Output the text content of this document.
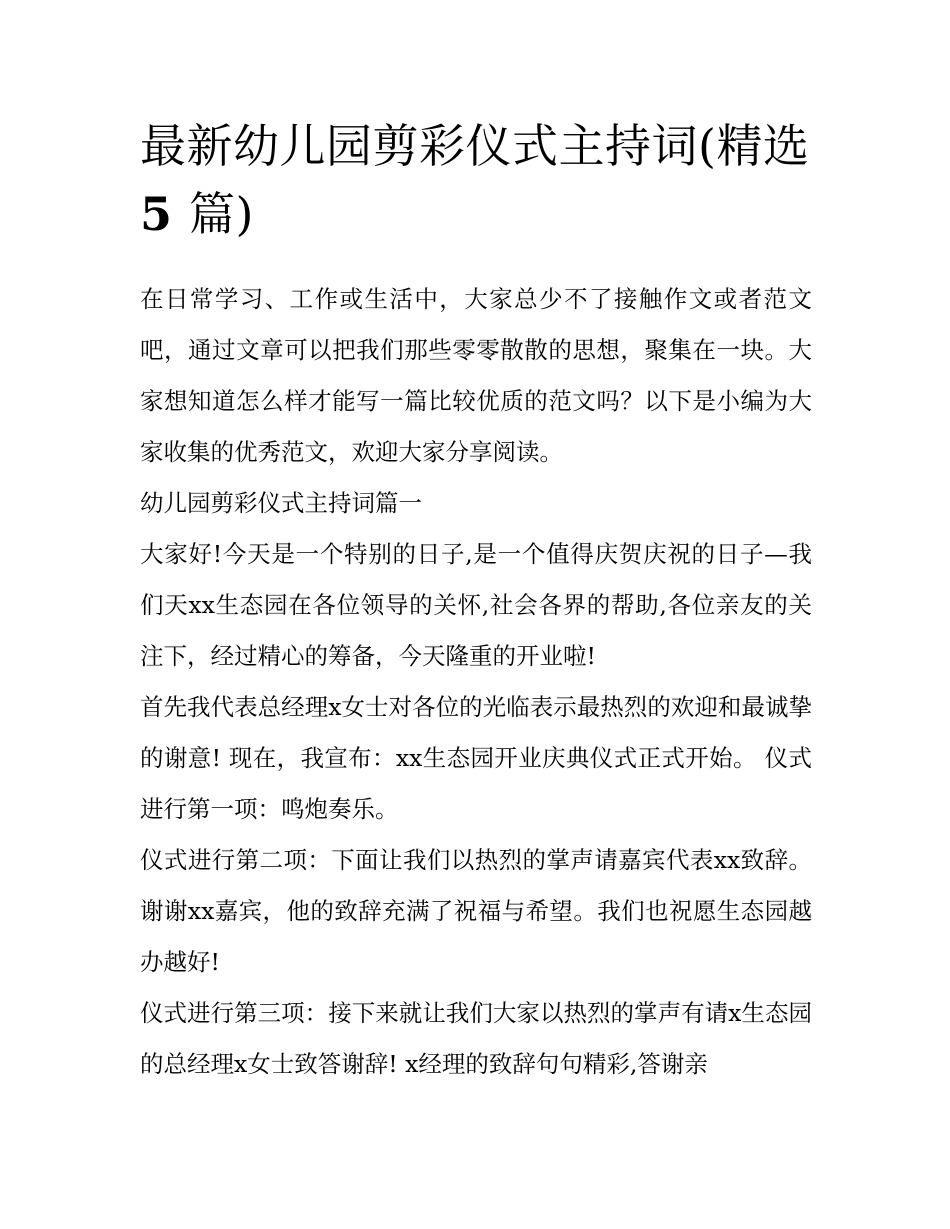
最新幼儿园剪彩仪式主持词(精选 5 篇)

在日常学习、工作或生活中，大家总少不了接触作文或者范文吧，通过文章可以把我们那些零零散散的思想，聚集在一块。大家想知道怎么样才能写一篇比较优质的范文吗？以下是小编为大家收集的优秀范文，欢迎大家分享阅读。

幼儿园剪彩仪式主持词篇一

大家好!今天是一个特别的日子,是一个值得庆贺庆祝的日子—我们天xx生态园在各位领导的关怀,社会各界的帮助,各位亲友的关注下，经过精心的筹备，今天隆重的开业啦!

首先我代表总经理x女士对各位的光临表示最热烈的欢迎和最诚挚的谢意! 现在，我宣布：xx生态园开业庆典仪式正式开始。 仪式进行第一项：鸣炮奏乐。

仪式进行第二项：下面让我们以热烈的掌声请嘉宾代表xx致辞。 谢谢xx嘉宾，他的致辞充满了祝福与希望。我们也祝愿生态园越办越好!

仪式进行第三项：接下来就让我们大家以热烈的掌声有请x生态园的总经理x女士致答谢辞! x经理的致辞句句精彩,答谢亲
